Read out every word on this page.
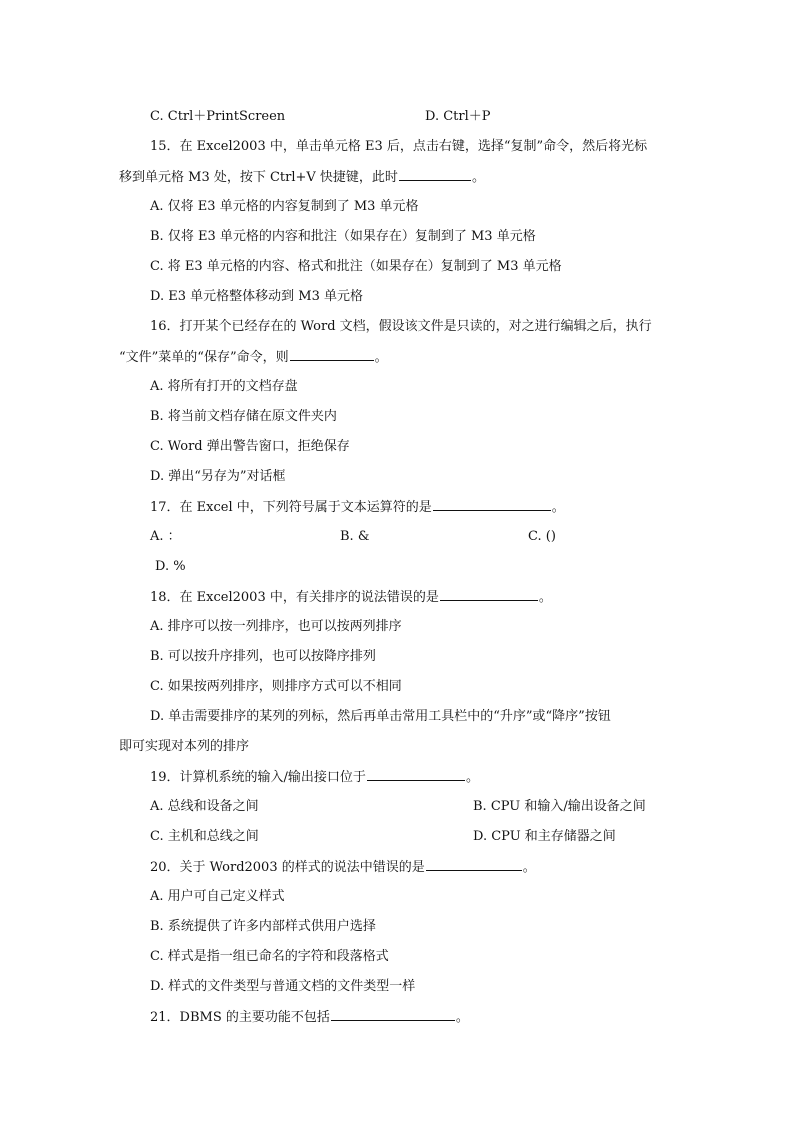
C. Ctrl＋PrintScreen	D. Ctrl＋P
15．在 Excel2003 中，单击单元格 E3 后，点击右键，选择“复制”命令，然后将光标
移到单元格 M3 处，按下 Ctrl+V 快捷键，此时	。
A. 仅将 E3 单元格的内容复制到了 M3 单元格
B. 仅将 E3 单元格的内容和批注（如果存在）复制到了 M3 单元格
C. 将 E3 单元格的内容、格式和批注（如果存在）复制到了 M3 单元格
D. E3 单元格整体移动到 M3 单元格
16．打开某个已经存在的 Word 文档，假设该文件是只读的，对之进行编辑之后，执行
“文件”菜单的“保存”命令，则	。
A. 将所有打开的文档存盘
B. 将当前文档存储在原文件夹内
C. Word 弹出警告窗口，拒绝保存
D. 弹出“另存为”对话框
17．在 Excel 中，下列符号属于文本运算符的是	。
A. ：	B. &	C. ()
D. %
18．在 Excel2003 中，有关排序的说法错误的是	。
A. 排序可以按一列排序，也可以按两列排序
B. 可以按升序排列，也可以按降序排列
C. 如果按两列排序，则排序方式可以不相同
D. 单击需要排序的某列的列标，然后再单击常用工具栏中的“升序”或“降序”按钮
即可实现对本列的排序
19．计算机系统的输入/输出接口位于	。
A. 总线和设备之间	B. CPU 和输入/输出设备之间
C. 主机和总线之间	D. CPU 和主存储器之间
20．关于 Word2003 的样式的说法中错误的是	。
A. 用户可自己定义样式
B. 系统提供了许多内部样式供用户选择
C. 样式是指一组已命名的字符和段落格式
D. 样式的文件类型与普通文档的文件类型一样
21．DBMS 的主要功能不包括	。
